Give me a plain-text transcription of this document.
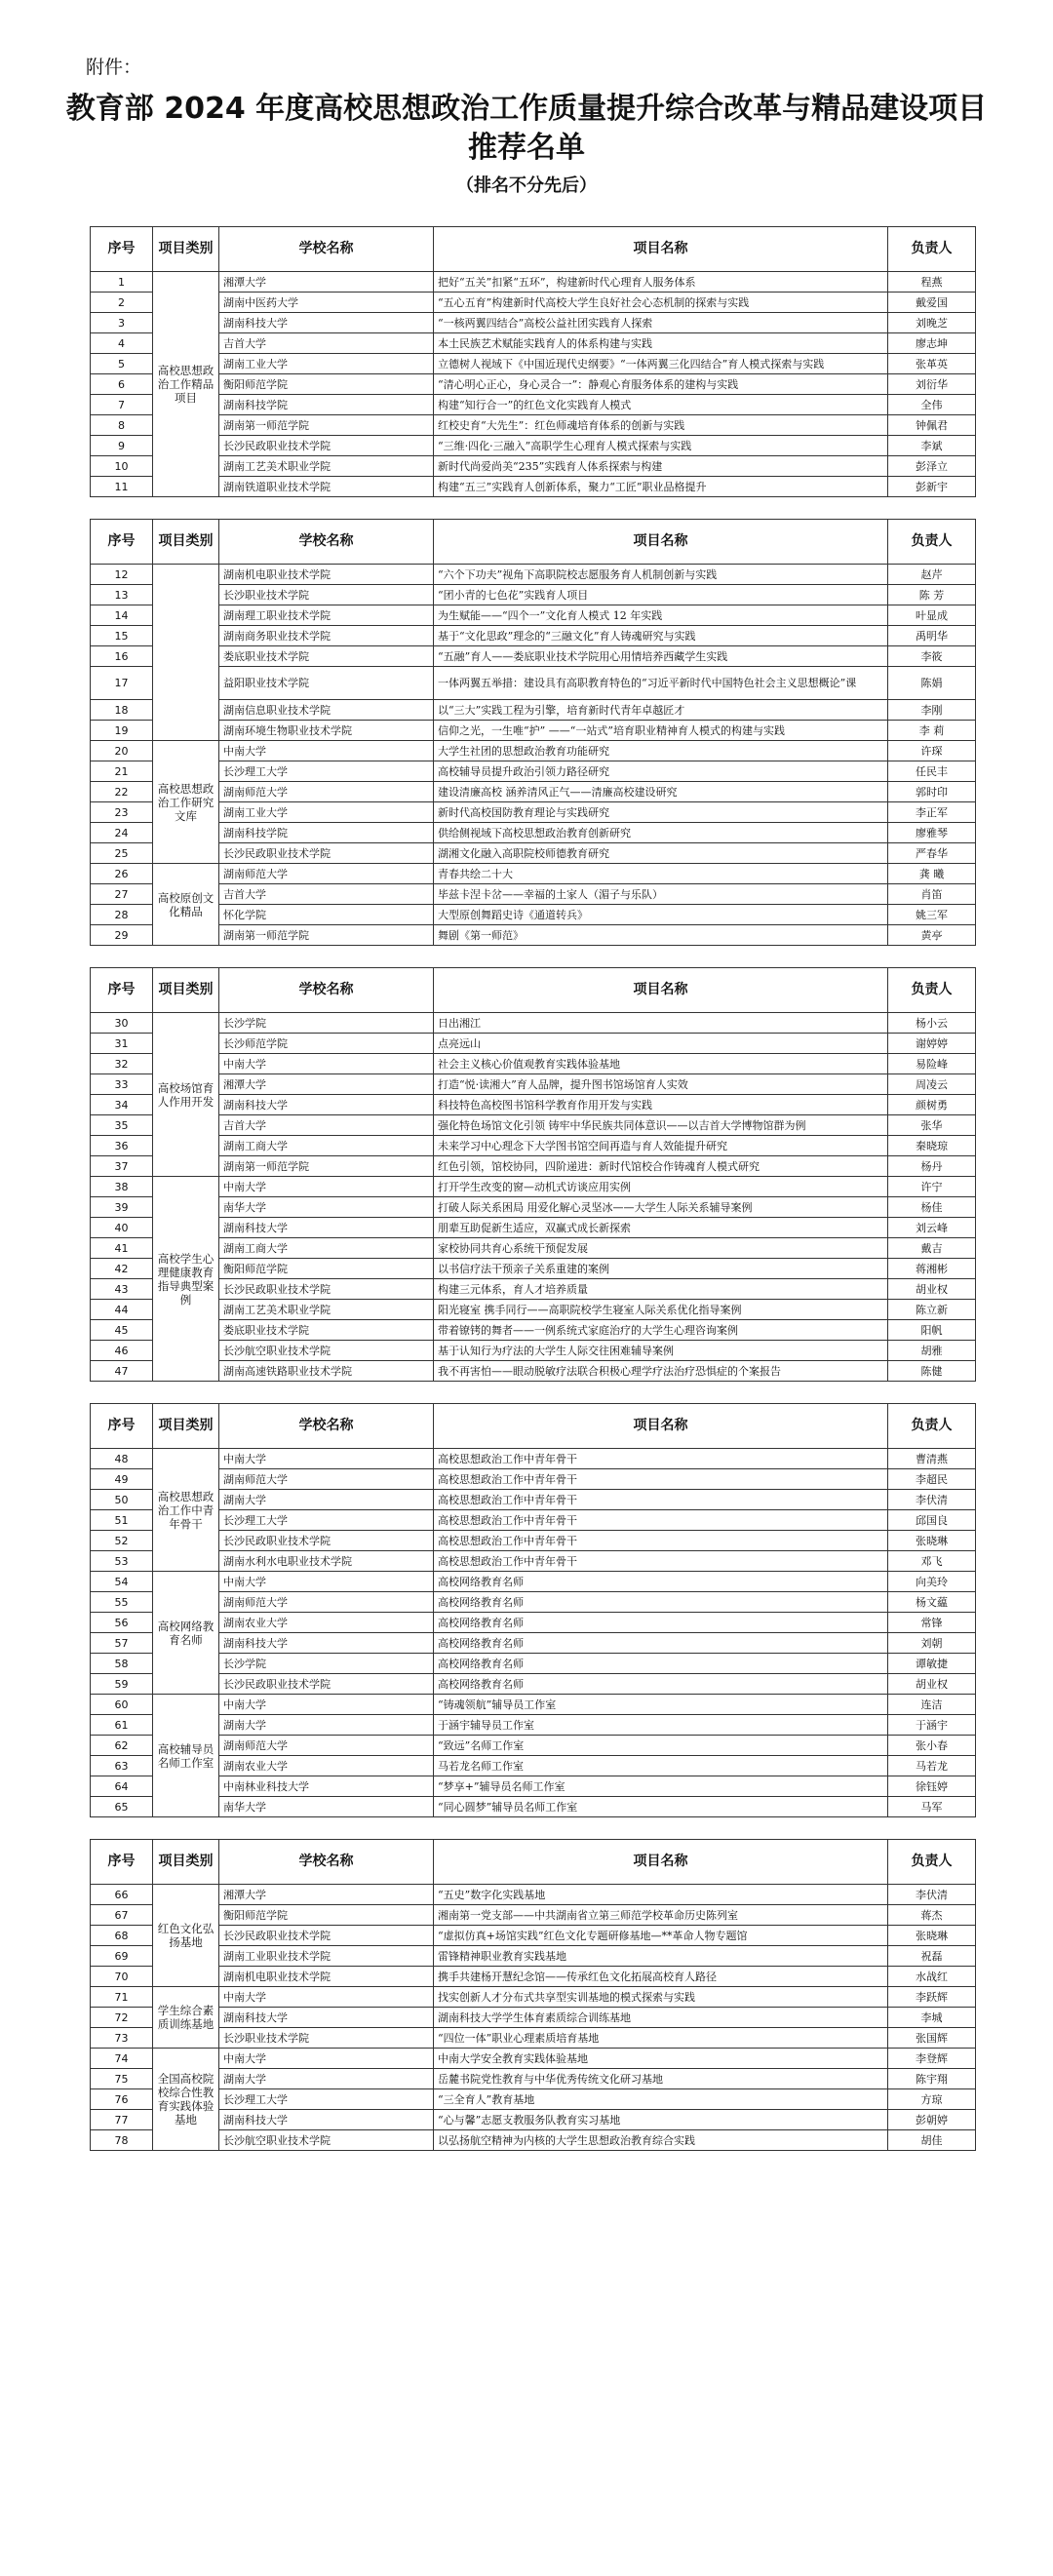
附件：
教育部 2024 年度高校思想政治工作质量提升综合改革与精品建设项目
推荐名单
（排名不分先后）
序号	项目类别	学校名称	项目名称	负责人
1	高校思想政治工作精品项目	湘潭大学	把好“五关”扣紧“五环”，构建新时代心理育人服务体系	程燕
2		湖南中医药大学	“五心五育”构建新时代高校大学生良好社会心态机制的探索与实践	戴爱国
3		湖南科技大学	“一核两翼四结合”高校公益社团实践育人探索	刘晚芝
4		吉首大学	本土民族艺术赋能实践育人的体系构建与实践	廖志坤
5		湖南工业大学	立德树人视域下《中国近现代史纲要》“一体两翼三化四结合”育人模式探索与实践	张革英
6		衡阳师范学院	“清心明心正心，身心灵合一”：静观心育服务体系的建构与实践	刘衍华
7		湖南科技学院	构建“知行合一”的红色文化实践育人模式	全伟
8		湖南第一师范学院	红校史育“大先生”：红色师魂培育体系的创新与实践	钟佩君
9		长沙民政职业技术学院	“三维·四化·三融入”高职学生心理育人模式探索与实践	李斌
10		湖南工艺美术职业学院	新时代尚爱尚美“235”实践育人体系探索与构建	彭泽立
11		湖南铁道职业技术学院	构建“五三”实践育人创新体系，聚力“工匠”职业品格提升	彭新宇
序号	项目类别	学校名称	项目名称	负责人
12		湖南机电职业技术学院	“六个下功夫”视角下高职院校志愿服务育人机制创新与实践	赵芹
13		长沙职业技术学院	“团小青的七色花”实践育人项目	陈 芳
14		湖南理工职业技术学院	为生赋能——“四个一”文化育人模式 12 年实践	叶显成
15		湖南商务职业技术学院	基于“文化思政”理念的“三融文化”育人铸魂研究与实践	禹明华
16		娄底职业技术学院	“五融”育人——娄底职业技术学院用心用情培养西藏学生实践	李筱
17		益阳职业技术学院	一体两翼五举措：建设具有高职教育特色的“习近平新时代中国特色社会主义思想概论”课	陈娟
18		湖南信息职业技术学院	以“三大”实践工程为引擎，培育新时代青年卓越匠才	李刚
19		湖南环境生物职业技术学院	信仰之光，一生唯“护” ——“一站式”培育职业精神育人模式的构建与实践	李 莉
20	高校思想政治工作研究文库	中南大学	大学生社团的思想政治教育功能研究	许琛
21		长沙理工大学	高校辅导员提升政治引领力路径研究	任民丰
22		湖南师范大学	建设清廉高校 涵养清风正气——清廉高校建设研究	郭时印
23		湖南工业大学	新时代高校国防教育理论与实践研究	李正军
24		湖南科技学院	供给侧视域下高校思想政治教育创新研究	廖雅琴
25		长沙民政职业技术学院	湖湘文化融入高职院校师德教育研究	严春华
26	高校原创文化精品	湖南师范大学	青春共绘二十大	龚 曦
27		吉首大学	毕兹卡涅卡岔——幸福的土家人（湄子与乐队）	肖笛
28		怀化学院	大型原创舞蹈史诗《通道转兵》	姚三军
29		湖南第一师范学院	舞剧《第一师范》	黄亭
序号	项目类别	学校名称	项目名称	负责人
30	高校场馆育人作用开发	长沙学院	日出湘江	杨小云
31		长沙师范学院	点亮远山	谢婷婷
32		中南大学	社会主义核心价值观教育实践体验基地	易险峰
33		湘潭大学	打造“悦·读湘大”育人品牌，提升图书馆场馆育人实效	周凌云
34		湖南科技大学	科技特色高校图书馆科学教育作用开发与实践	颜树勇
35		吉首大学	强化特色场馆文化引领 铸牢中华民族共同体意识——以吉首大学博物馆群为例	张华
36		湖南工商大学	未来学习中心理念下大学图书馆空间再造与育人效能提升研究	秦晓琼
37		湖南第一师范学院	红色引领，馆校协同，四阶递进：新时代馆校合作铸魂育人模式研究	杨丹
38	高校学生心理健康教育指导典型案例	中南大学	打开学生改变的窗—动机式访谈应用实例	许宁
39		南华大学	打破人际关系困局 用爱化解心灵坚冰——大学生人际关系辅导案例	杨佳
40		湖南科技大学	朋辈互助促新生适应，双赢式成长新探索	刘云峰
41		湖南工商大学	家校协同共育心系统干预促发展	戴吉
42		衡阳师范学院	以书信疗法干预亲子关系重建的案例	蒋湘彬
43		长沙民政职业技术学院	构建三元体系，育人才培养质量	胡业权
44		湖南工艺美术职业学院	阳光寝室 携手同行——高职院校学生寝室人际关系优化指导案例	陈立新
45		娄底职业技术学院	带着镣铐的舞者——一例系统式家庭治疗的大学生心理咨询案例	阳帆
46		长沙航空职业技术学院	基于认知行为疗法的大学生人际交往困难辅导案例	胡雅
47		湖南高速铁路职业技术学院	我不再害怕——眼动脱敏疗法联合积极心理学疗法治疗恐惧症的个案报告	陈健
序号	项目类别	学校名称	项目名称	负责人
48	高校思想政治工作中青年骨干	中南大学	高校思想政治工作中青年骨干	曹清燕
49		湖南师范大学	高校思想政治工作中青年骨干	李超民
50		湖南大学	高校思想政治工作中青年骨干	李伏清
51		长沙理工大学	高校思想政治工作中青年骨干	邱国良
52		长沙民政职业技术学院	高校思想政治工作中青年骨干	张晓琳
53		湖南水利水电职业技术学院	高校思想政治工作中青年骨干	邓飞
54	高校网络教育名师	中南大学	高校网络教育名师	向美玲
55		湖南师范大学	高校网络教育名师	杨文藴
56		湖南农业大学	高校网络教育名师	常锋
57		湖南科技大学	高校网络教育名师	刘朝
58		长沙学院	高校网络教育名师	谭敏捷
59		长沙民政职业技术学院	高校网络教育名师	胡业权
60	高校辅导员名师工作室	中南大学	“铸魂领航”辅导员工作室	连洁
61		湖南大学	于涵宇辅导员工作室	于涵宇
62		湖南师范大学	“致远”名师工作室	张小春
63		湖南农业大学	马若龙名师工作室	马若龙
64		中南林业科技大学	“梦享+”辅导员名师工作室	徐钰婷
65		南华大学	“同心圆梦”辅导员名师工作室	马军
序号	项目类别	学校名称	项目名称	负责人
66	红色文化弘扬基地	湘潭大学	“五史”数字化实践基地	李伏清
67		衡阳师范学院	湘南第一党支部——中共湖南省立第三师范学校革命历史陈列室	蒋杰
68		长沙民政职业技术学院	“虚拟仿真+场馆实践”红色文化专题研修基地—**革命人物专题馆	张晓琳
69		湖南工业职业技术学院	雷锋精神职业教育实践基地	祝磊
70		湖南机电职业技术学院	携手共建杨开慧纪念馆——传承红色文化拓展高校育人路径	水战红
71	学生综合素质训练基地	中南大学	找实创新人才分布式共享型实训基地的模式探索与实践	李跃辉
72		湖南科技大学	湖南科技大学学生体育素质综合训练基地	李城
73		长沙职业技术学院	“四位一体”职业心理素质培育基地	张国辉
74	全国高校院校综合性教育实践体验基地	中南大学	中南大学安全教育实践体验基地	李登辉
75		湖南大学	岳麓书院党性教育与中华优秀传统文化研习基地	陈宇翔
76		长沙理工大学	“三全育人”教育基地	方琼
77		湖南科技大学	“心与馨”志愿支教服务队教育实习基地	彭朝婷
78		长沙航空职业技术学院	以弘扬航空精神为内核的大学生思想政治教育综合实践	胡佳
